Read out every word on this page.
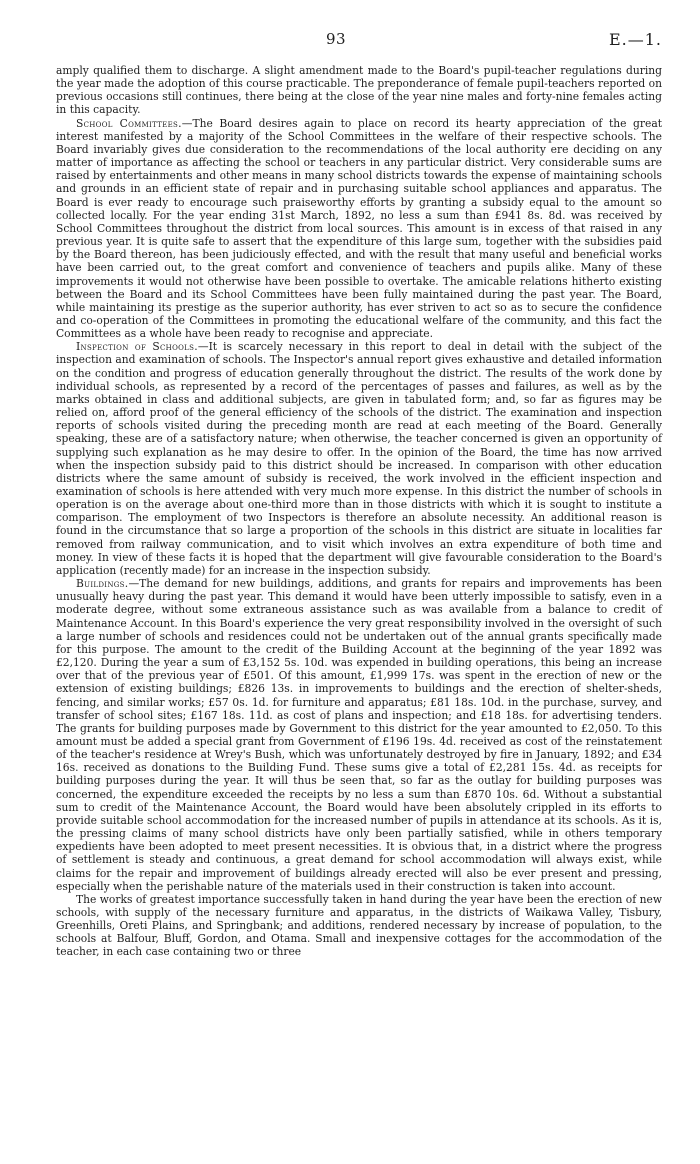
93	E.—1.

amply qualified them to discharge. A slight amendment made to the Board's pupil-teacher regulations during the year made the adoption of this course practicable. The preponderance of female pupil-teachers reported on previous occasions still continues, there being at the close of the year nine males and forty-nine females acting in this capacity.

School Committees.—The Board desires again to place on record its hearty appreciation of the great interest manifested by a majority of the School Committees in the welfare of their respective schools. The Board invariably gives due consideration to the recommendations of the local authority ere deciding on any matter of importance as affecting the school or teachers in any particular district. Very considerable sums are raised by entertainments and other means in many school districts towards the expense of maintaining schools and grounds in an efficient state of repair and in purchasing suitable school appliances and apparatus. The Board is ever ready to encourage such praiseworthy efforts by granting a subsidy equal to the amount so collected locally. For the year ending 31st March, 1892, no less a sum than £941 8s. 8d. was received by School Committees throughout the district from local sources. This amount is in excess of that raised in any previous year. It is quite safe to assert that the expenditure of this large sum, together with the subsidies paid by the Board thereon, has been judiciously effected, and with the result that many useful and beneficial works have been carried out, to the great comfort and convenience of teachers and pupils alike. Many of these improvements it would not otherwise have been possible to overtake. The amicable relations hitherto existing between the Board and its School Committees have been fully maintained during the past year. The Board, while maintaining its prestige as the superior authority, has ever striven to act so as to secure the confidence and co-operation of the Committees in promoting the educational welfare of the community, and this fact the Committees as a whole have been ready to recognise and appreciate.

Inspection of Schools.—It is scarcely necessary in this report to deal in detail with the subject of the inspection and examination of schools. The Inspector's annual report gives exhaustive and detailed information on the condition and progress of education generally throughout the district. The results of the work done by individual schools, as represented by a record of the percentages of passes and failures, as well as by the marks obtained in class and additional subjects, are given in tabulated form; and, so far as figures may be relied on, afford proof of the general efficiency of the schools of the district. The examination and inspection reports of schools visited during the preceding month are read at each meeting of the Board. Generally speaking, these are of a satisfactory nature; when otherwise, the teacher concerned is given an opportunity of supplying such explanation as he may desire to offer. In the opinion of the Board, the time has now arrived when the inspection subsidy paid to this district should be increased. In comparison with other education districts where the same amount of subsidy is received, the work involved in the efficient inspection and examination of schools is here attended with very much more expense. In this district the number of schools in operation is on the average about one-third more than in those districts with which it is sought to institute a comparison. The employment of two Inspectors is therefore an absolute necessity. An additional reason is found in the circumstance that so large a proportion of the schools in this district are situate in localities far removed from railway communication, and to visit which involves an extra expenditure of both time and money. In view of these facts it is hoped that the department will give favourable consideration to the Board's application (recently made) for an increase in the inspection subsidy.

Buildings.—The demand for new buildings, additions, and grants for repairs and improvements has been unusually heavy during the past year. This demand it would have been utterly impossible to satisfy, even in a moderate degree, without some extraneous assistance such as was available from a balance to credit of Maintenance Account. In this Board's experience the very great responsibility involved in the oversight of such a large number of schools and residences could not be undertaken out of the annual grants specifically made for this purpose. The amount to the credit of the Building Account at the beginning of the year 1892 was £2,120. During the year a sum of £3,152 5s. 10d. was expended in building operations, this being an increase over that of the previous year of £501. Of this amount, £1,999 17s. was spent in the erection of new or the extension of existing buildings; £826 13s. in improvements to buildings and the erection of shelter-sheds, fencing, and similar works; £57 0s. 1d. for furniture and apparatus; £81 18s. 10d. in the purchase, survey, and transfer of school sites; £167 18s. 11d. as cost of plans and inspection; and £18 18s. for advertising tenders. The grants for building purposes made by Government to this district for the year amounted to £2,050. To this amount must be added a special grant from Government of £196 19s. 4d. received as cost of the reinstatement of the teacher's residence at Wrey's Bush, which was unfortunately destroyed by fire in January, 1892; and £34 16s. received as donations to the Building Fund. These sums give a total of £2,281 15s. 4d. as receipts for building purposes during the year. It will thus be seen that, so far as the outlay for building purposes was concerned, the expenditure exceeded the receipts by no less a sum than £870 10s. 6d. Without a substantial sum to credit of the Maintenance Account, the Board would have been absolutely crippled in its efforts to provide suitable school accommodation for the increased number of pupils in attendance at its schools. As it is, the pressing claims of many school districts have only been partially satisfied, while in others temporary expedients have been adopted to meet present necessities. It is obvious that, in a district where the progress of settlement is steady and continuous, a great demand for school accommodation will always exist, while claims for the repair and improvement of buildings already erected will also be ever present and pressing, especially when the perishable nature of the materials used in their construction is taken into account.

The works of greatest importance successfully taken in hand during the year have been the erection of new schools, with supply of the necessary furniture and apparatus, in the districts of Waikawa Valley, Tisbury, Greenhills, Oreti Plains, and Springbank; and additions, rendered necessary by increase of population, to the schools at Balfour, Bluff, Gordon, and Otama. Small and inexpensive cottages for the accommodation of the teacher, in each case containing two or three
